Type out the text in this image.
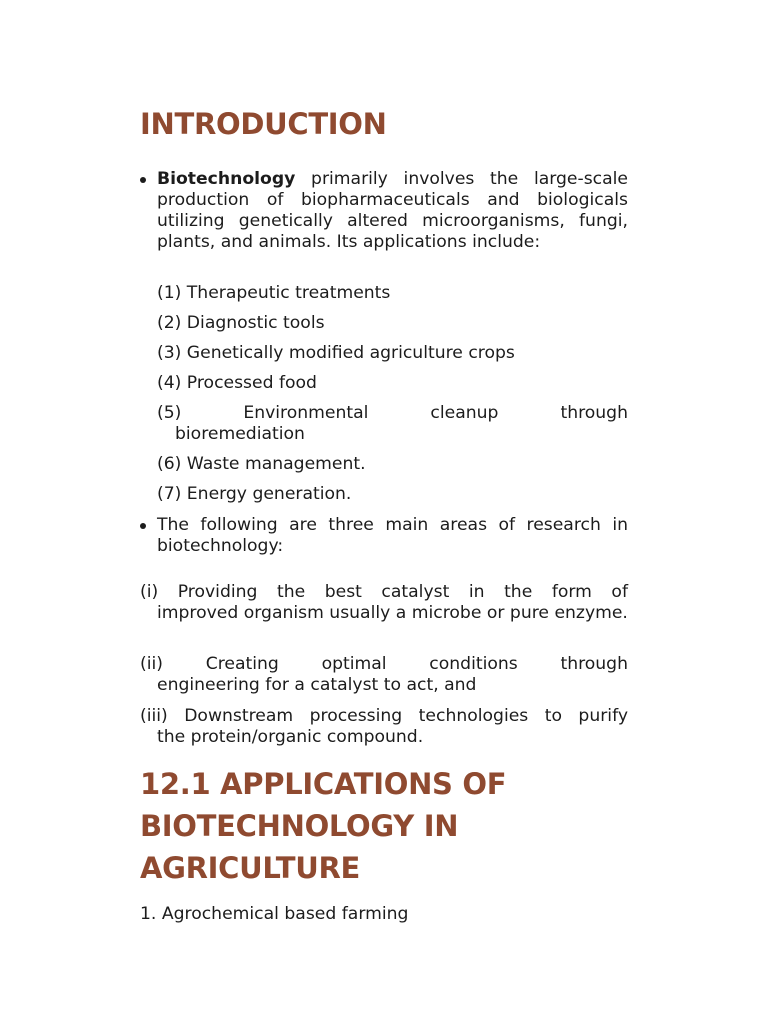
INTRODUCTION
Biotechnology primarily involves the large-scale production of biopharmaceuticals and biologicals utilizing genetically altered microorganisms, fungi, plants, and animals. Its applications include:
(1) Therapeutic treatments
(2) Diagnostic tools
(3) Genetically modified agriculture crops
(4) Processed food
(5)	Environmental	cleanup	through
bioremediation
(6) Waste management.
(7) Energy generation.
The following are three main areas of research in biotechnology:
(i) Providing the best catalyst in the form of
improved organism usually a microbe or pure enzyme.
(ii) Creating optimal conditions through
engineering for a catalyst to act, and
(iii) Downstream processing technologies to purify
the protein/organic compound.
12.1 APPLICATIONS OF BIOTECHNOLOGY IN AGRICULTURE
1. Agrochemical based farming
